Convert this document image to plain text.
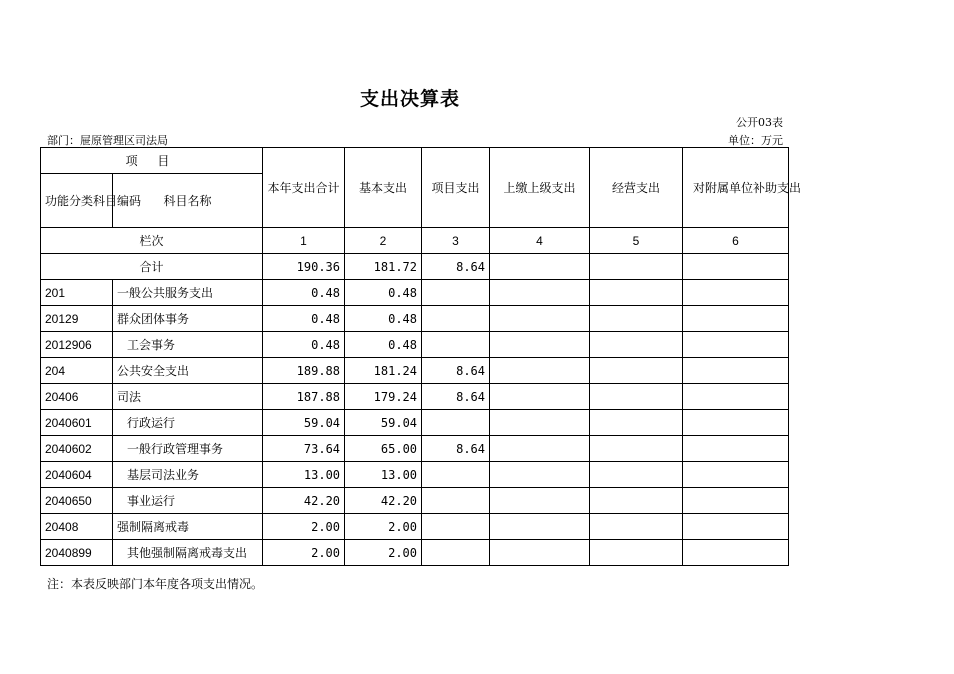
支出决算表
公开03表
部门：屉原管理区司法局	单位：万元
项 目		本年支出合计	基本支出	项目支出	上缴上级支出	经营支出	对附属单位补助支出
功能分类科目编码	科目名称						
栏次		1	2	3	4	5	6
合计		190.36	181.72	8.64			
201	一般公共服务支出	0.48	0.48				
20129	群众团体事务	0.48	0.48				
2012906	工会事务	0.48	0.48				
204	公共安全支出	189.88	181.24	8.64			
20406	司法	187.88	179.24	8.64			
2040601	行政运行	59.04	59.04				
2040602	一般行政管理事务	73.64	65.00	8.64			
2040604	基层司法业务	13.00	13.00				
2040650	事业运行	42.20	42.20				
20408	强制隔离戒毒	2.00	2.00				
2040899	其他强制隔离戒毒支出	2.00	2.00				
注：本表反映部门本年度各项支出情况。
